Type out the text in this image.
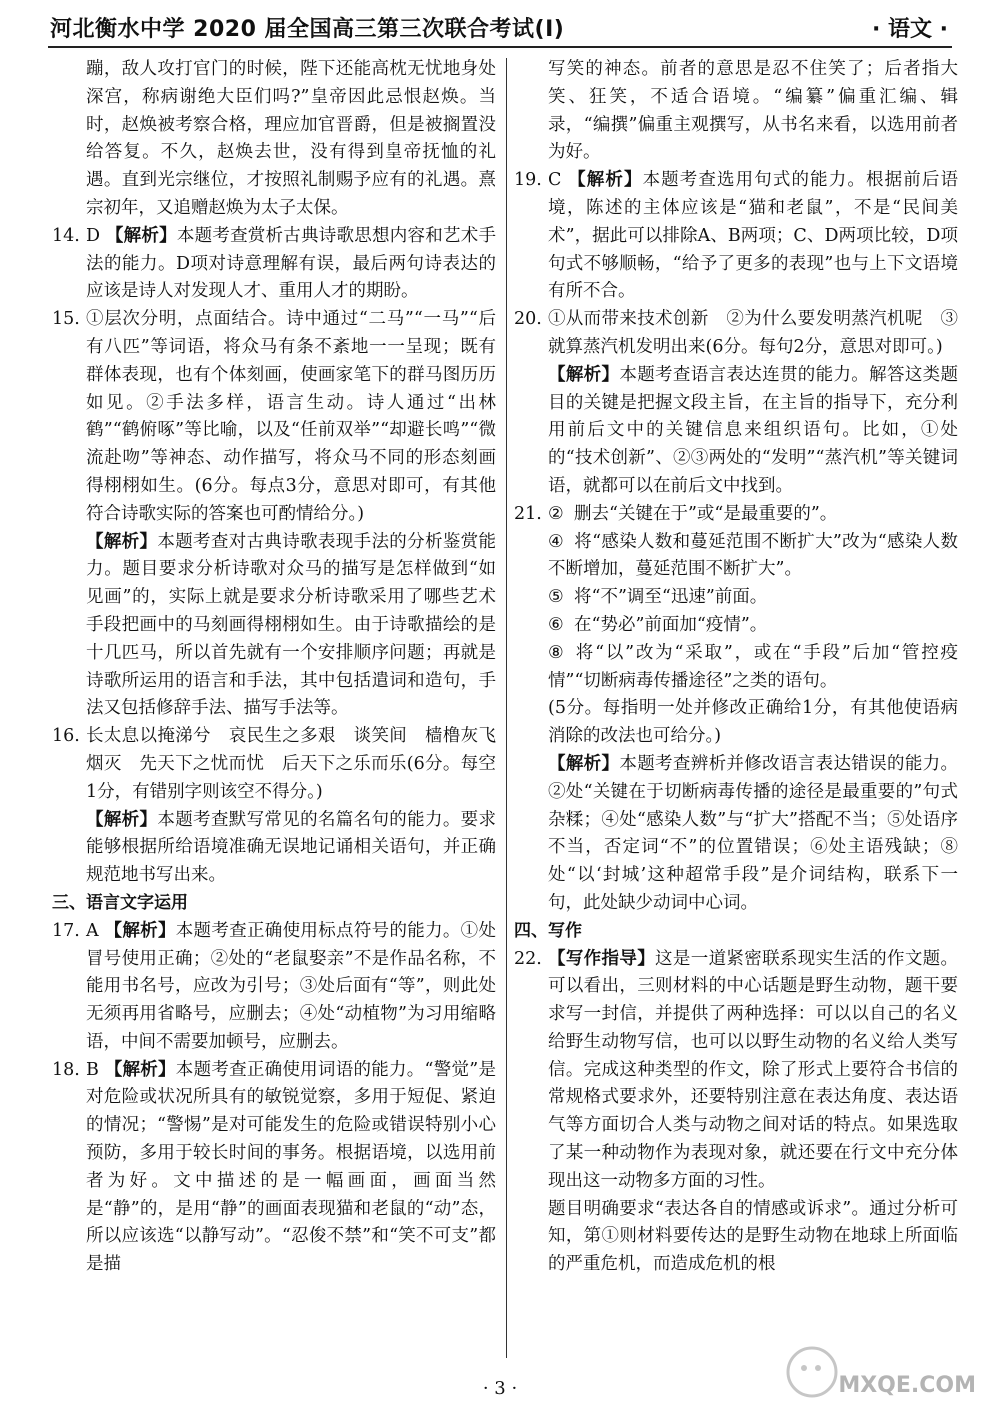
河北衡水中学 2020 届全国高三第三次联合考试(Ⅰ)	· 语文 ·

蹦，敌人攻打官门的时候，陛下还能高枕无忧地身处深宫，称病谢绝大臣们吗?”皇帝因此忌恨赵焕。当时，赵焕被考察合格，理应加官晋爵，但是被搁置没给答复。不久，赵焕去世，没有得到皇帝抚恤的礼遇。直到光宗继位，才按照礼制赐予应有的礼遇。熹宗初年，又追赠赵焕为太子太保。

14. D 【解析】本题考查赏析古典诗歌思想内容和艺术手法的能力。D项对诗意理解有误，最后两句诗表达的应该是诗人对发现人才、重用人才的期盼。
15. ①层次分明，点面结合。诗中通过“二马”“一马”“后有八匹”等词语，将众马有条不紊地一一呈现；既有群体表现，也有个体刻画，使画家笔下的群马图历历如见。②手法多样，语言生动。诗人通过“出林鹤”“鹤俯啄”等比喻，以及“任前双举”“却避长鸣”“微流赴吻”等神态、动作描写，将众马不同的形态刻画得栩栩如生。(6分。每点3分，意思对即可，有其他符合诗歌实际的答案也可酌情给分。)
【解析】本题考查对古典诗歌表现手法的分析鉴赏能力。题目要求分析诗歌对众马的描写是怎样做到“如见画”的，实际上就是要求分析诗歌采用了哪些艺术手段把画中的马刻画得栩栩如生。由于诗歌描绘的是十几匹马，所以首先就有一个安排顺序问题；再就是诗歌所运用的语言和手法，其中包括遣词和造句，手法又包括修辞手法、描写手法等。
16. 长太息以掩涕兮　哀民生之多艰　谈笑间　樯橹灰飞烟灭　先天下之忧而忧　后天下之乐而乐(6分。每空1分，有错别字则该空不得分。)
【解析】本题考查默写常见的名篇名句的能力。要求能够根据所给语境准确无误地记诵相关语句，并正确规范地书写出来。

三、语言文字运用

17. A 【解析】本题考查正确使用标点符号的能力。①处冒号使用正确；②处的“老鼠娶亲”不是作品名称，不能用书名号，应改为引号；③处后面有“等”，则此处无须再用省略号，应删去；④处“动植物”为习用缩略语，中间不需要加顿号，应删去。
18. B 【解析】本题考查正确使用词语的能力。“警觉”是对危险或状况所具有的敏锐觉察，多用于短促、紧迫的情况；“警惕”是对可能发生的危险或错误特别小心预防，多用于较长时间的事务。根据语境，以选用前者为好。文中描述的是一幅画面，画面当然是“静”的，是用“静”的画面表现猫和老鼠的“动”态，所以应该选“以静写动”。“忍俊不禁”和“笑不可支”都是描

写笑的神态。前者的意思是忍不住笑了；后者指大笑、狂笑，不适合语境。“编纂”偏重汇编、辑录，“编撰”偏重主观撰写，从书名来看，以选用前者为好。

19. C 【解析】本题考查选用句式的能力。根据前后语境，陈述的主体应该是“猫和老鼠”，不是“民间美术”，据此可以排除A、B两项；C、D两项比较，D项句式不够顺畅，“给予了更多的表现”也与上下文语境有所不合。
20. ①从而带来技术创新　②为什么要发明蒸汽机呢　③就算蒸汽机发明出来(6分。每句2分，意思对即可。)
【解析】本题考查语言表达连贯的能力。解答这类题目的关键是把握文段主旨，在主旨的指导下，充分利用前后文中的关键信息来组织语句。比如，①处的“技术创新”、②③两处的“发明”“蒸汽机”等关键词语，就都可以在前后文中找到。
21. ② 删去“关键在于”或“是最重要的”。
④ 将“感染人数和蔓延范围不断扩大”改为“感染人数不断增加，蔓延范围不断扩大”。
⑤ 将“不”调至“迅速”前面。
⑥ 在“势必”前面加“疫情”。
⑧ 将“以”改为“采取”，或在“手段”后加“管控疫情”“切断病毒传播途径”之类的语句。
(5分。每指明一处并修改正确给1分，有其他使语病消除的改法也可给分。)
【解析】本题考查辨析并修改语言表达错误的能力。②处“关键在于切断病毒传播的途径是最重要的”句式杂糅；④处“感染人数”与“扩大”搭配不当；⑤处语序不当，否定词“不”的位置错误；⑥处主语残缺；⑧处“以‘封城’这种超常手段”是介词结构，联系下一句，此处缺少动词中心词。

四、写作

22. 【写作指导】这是一道紧密联系现实生活的作文题。可以看出，三则材料的中心话题是野生动物，题干要求写一封信，并提供了两种选择：可以以自己的名义给野生动物写信，也可以以野生动物的名义给人类写信。完成这种类型的作文，除了形式上要符合书信的常规格式要求外，还要特别注意在表达角度、表达语气等方面切合人类与动物之间对话的特点。如果选取了某一种动物作为表现对象，就还要在行文中充分体现出这一动物多方面的习性。
题目明确要求“表达各自的情感或诉求”。通过分析可知，第①则材料要传达的是野生动物在地球上所面临的严重危机，而造成危机的根
· 3 ·	MXQE.COM
